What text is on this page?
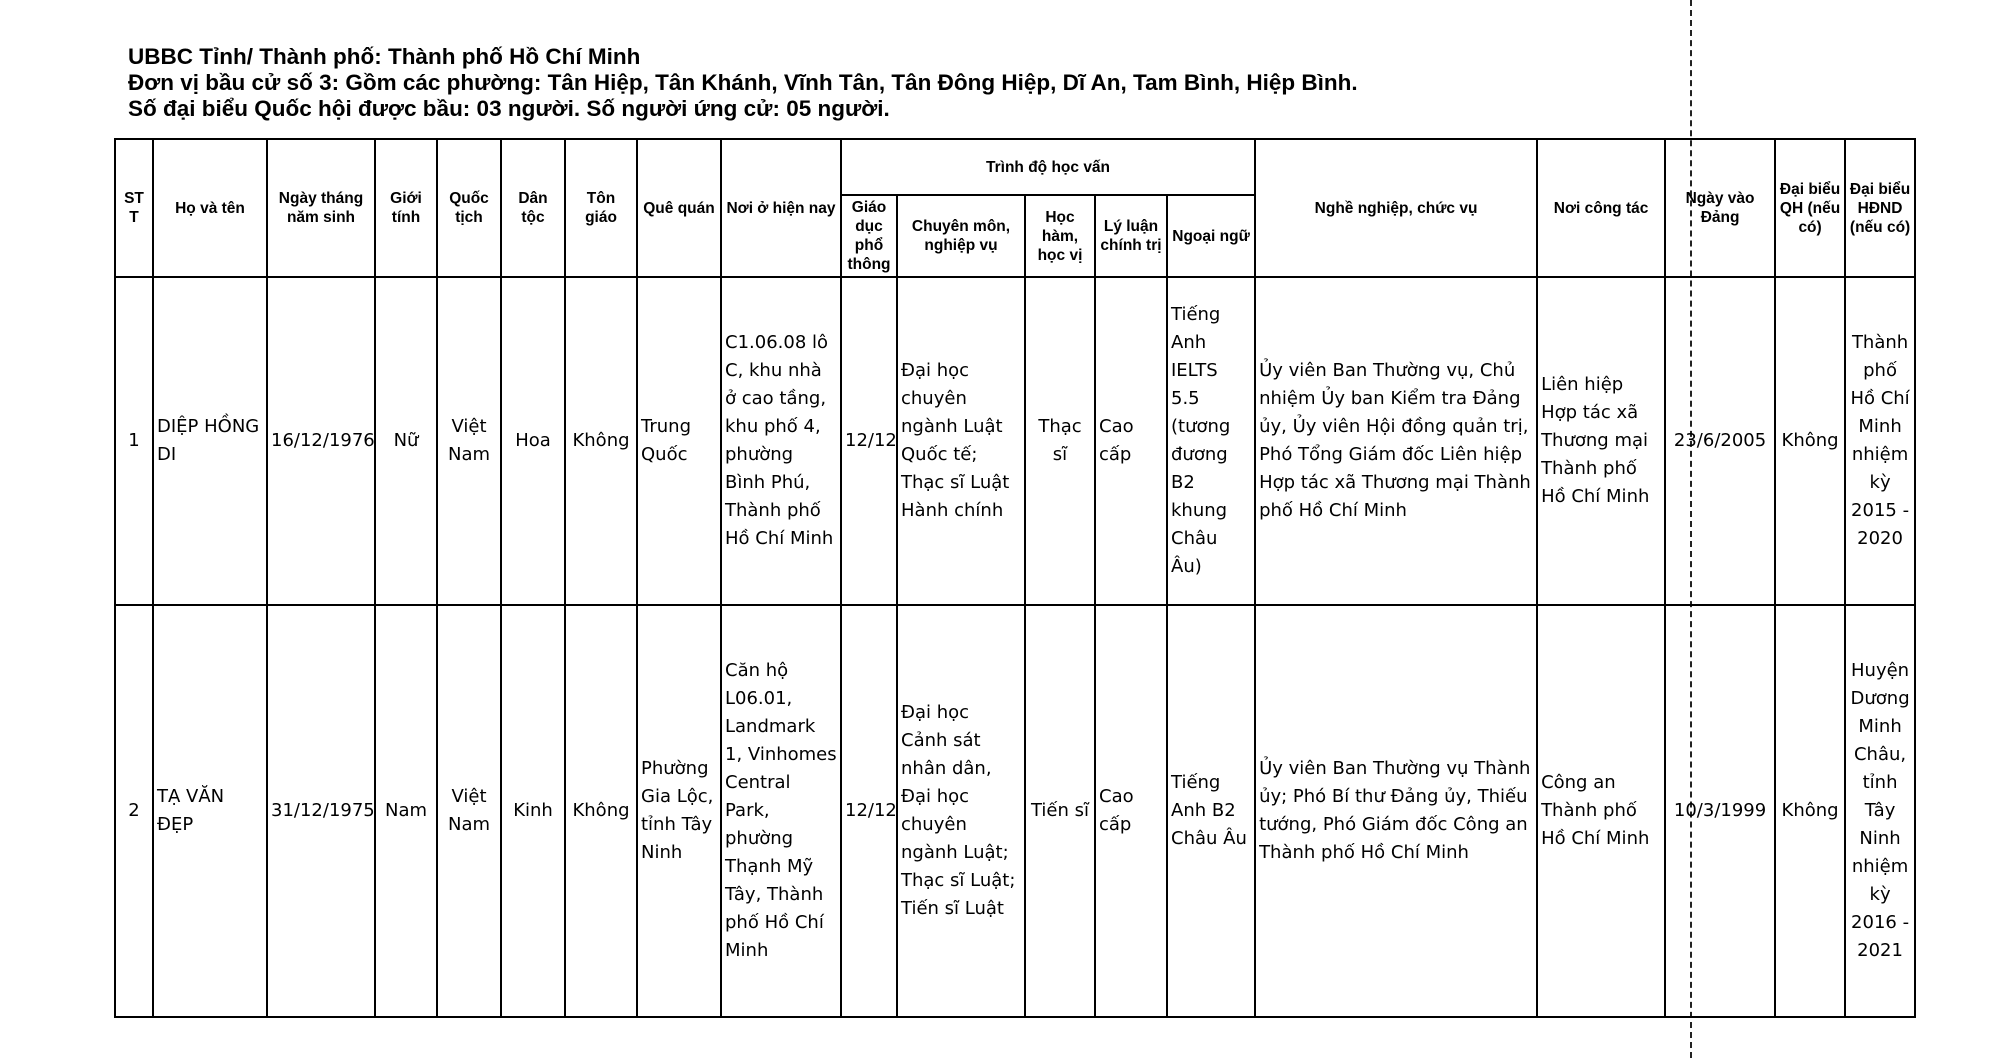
UBBC Tỉnh/ Thành phố: Thành phố Hồ Chí Minh
Đơn vị bầu cử số 3: Gồm các phường: Tân Hiệp, Tân Khánh, Vĩnh Tân, Tân Đông Hiệp, Dĩ An, Tam Bình, Hiệp Bình.
Số đại biểu Quốc hội được bầu: 03 người. Số người ứng cử: 05 người.
ST T	Họ và tên	Ngày tháng năm sinh	Giới tính	Quốc tịch	Dân tộc	Tôn giáo	Quê quán	Nơi ở hiện nay	Trình độ học vấn					Nghề nghiệp, chức vụ	Nơi công tác	Ngày vào Đảng	Đại biểu QH (nếu có)	Đại biểu HĐND (nếu có)
									Giáo dục phổ thông	Chuyên môn, nghiệp vụ	Học hàm, học vị	Lý luận chính trị	Ngoại ngữ					
1	DIỆP HỒNG DI	16/12/1976	Nữ	Việt Nam	Hoa	Không	Trung Quốc	C1.06.08 lô C, khu nhà ở cao tầng, khu phố 4, phường Bình Phú, Thành phố Hồ Chí Minh	12/12	Đại học chuyên ngành Luật Quốc tế; Thạc sĩ Luật Hành chính	Thạc sĩ	Cao cấp	Tiếng Anh IELTS 5.5 (tương đương B2 khung Châu Âu)	Ủy viên Ban Thường vụ, Chủ nhiệm Ủy ban Kiểm tra Đảng ủy, Ủy viên Hội đồng quản trị, Phó Tổng Giám đốc Liên hiệp Hợp tác xã Thương mại Thành phố Hồ Chí Minh	Liên hiệp Hợp tác xã Thương mại Thành phố Hồ Chí Minh	23/6/2005	Không	Thành phố Hồ Chí Minh nhiệm kỳ 2015 - 2020
2	TẠ VĂN ĐẸP	31/12/1975	Nam	Việt Nam	Kinh	Không	Phường Gia Lộc, tỉnh Tây Ninh	Căn hộ L06.01, Landmark 1, Vinhomes Central Park, phường Thạnh Mỹ Tây, Thành phố Hồ Chí Minh	12/12	Đại học Cảnh sát nhân dân, Đại học chuyên ngành Luật; Thạc sĩ Luật; Tiến sĩ Luật	Tiến sĩ	Cao cấp	Tiếng Anh B2 Châu Âu	Ủy viên Ban Thường vụ Thành ủy; Phó Bí thư Đảng ủy, Thiếu tướng, Phó Giám đốc Công an Thành phố Hồ Chí Minh	Công an Thành phố Hồ Chí Minh	10/3/1999	Không	Huyện Dương Minh Châu, tỉnh Tây Ninh nhiệm kỳ 2016 - 2021
